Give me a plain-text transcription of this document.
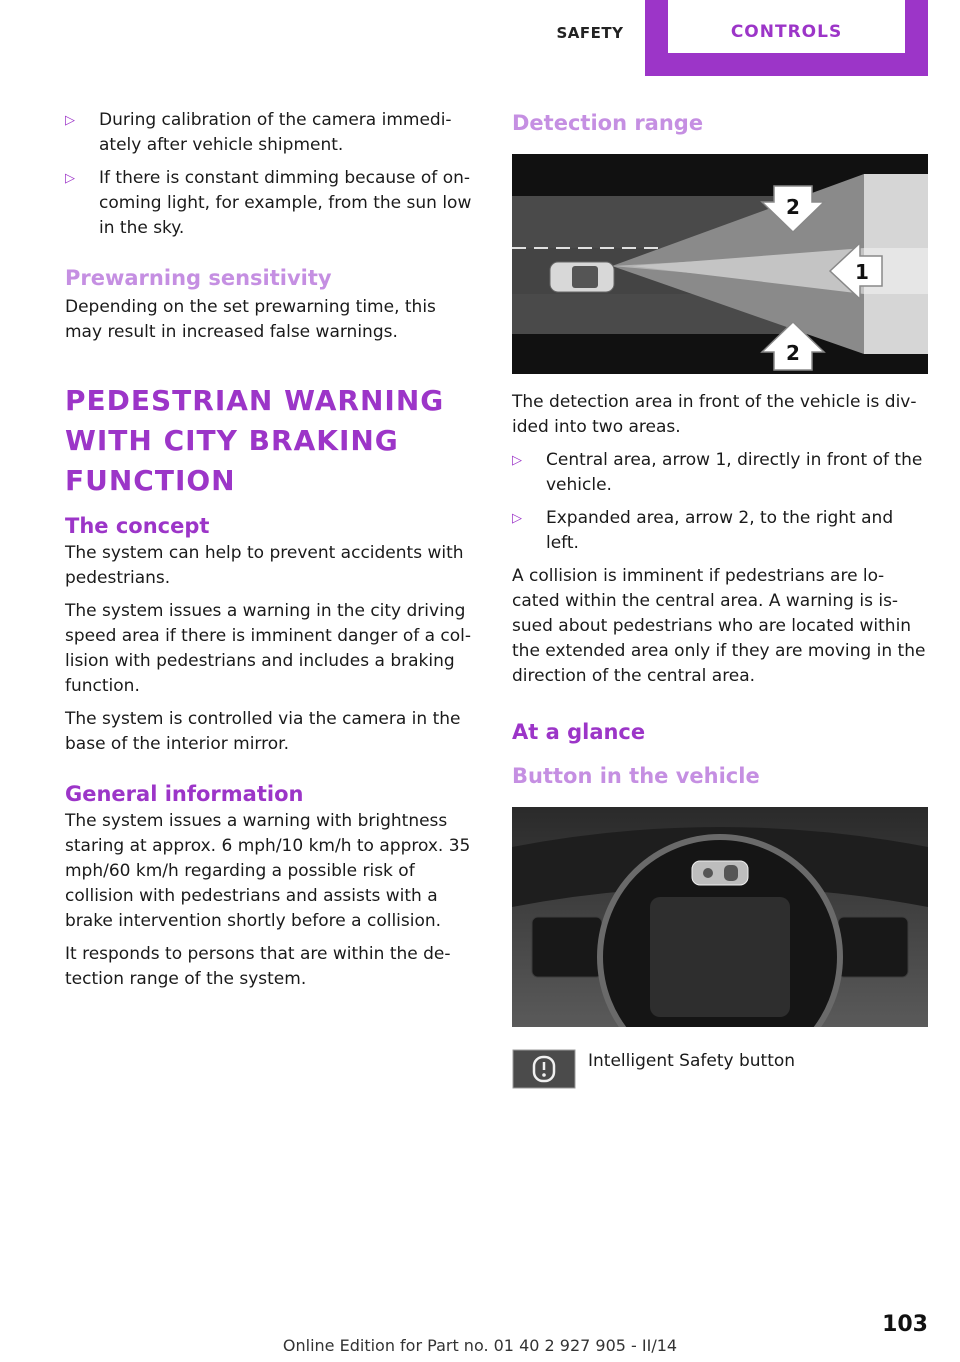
SAFETY	CONTROLS
▷	During calibration of the camera immedi‐ately after vehicle shipment.
▷	If there is constant dimming because of on‐coming light, for example, from the sun low in the sky.
Prewarning sensitivity

Depending on the set prewarning time, this may result in increased false warnings.

PEDESTRIAN WARNING WITH CITY BRAKING FUNCTION
The concept

The system can help to prevent accidents with pedestrians.

The system issues a warning in the city driving speed area if there is imminent danger of a col‐lision with pedestrians and includes a braking function.

The system is controlled via the camera in the base of the interior mirror.

General information

The system issues a warning with brightness staring at approx. 6 mph/10 km/h to approx. 35 mph/60 km/h regarding a possible risk of collision with pedestrians and assists with a brake intervention shortly before a collision.

It responds to persons that are within the de‐tection range of the system.

Detection range
2
1
2

The detection area in front of the vehicle is div‐ided into two areas.

▷	Central area, arrow 1, directly in front of the vehicle.
▷	Expanded area, arrow 2, to the right and left.

A collision is imminent if pedestrians are lo‐cated within the central area. A warning is is‐sued about pedestrians who are located within the extended area only if they are moving in the direction of the central area.

At a glance
Button in the vehicle
Intelligent Safety button
103
Online Edition for Part no. 01 40 2 927 905 - II/14
